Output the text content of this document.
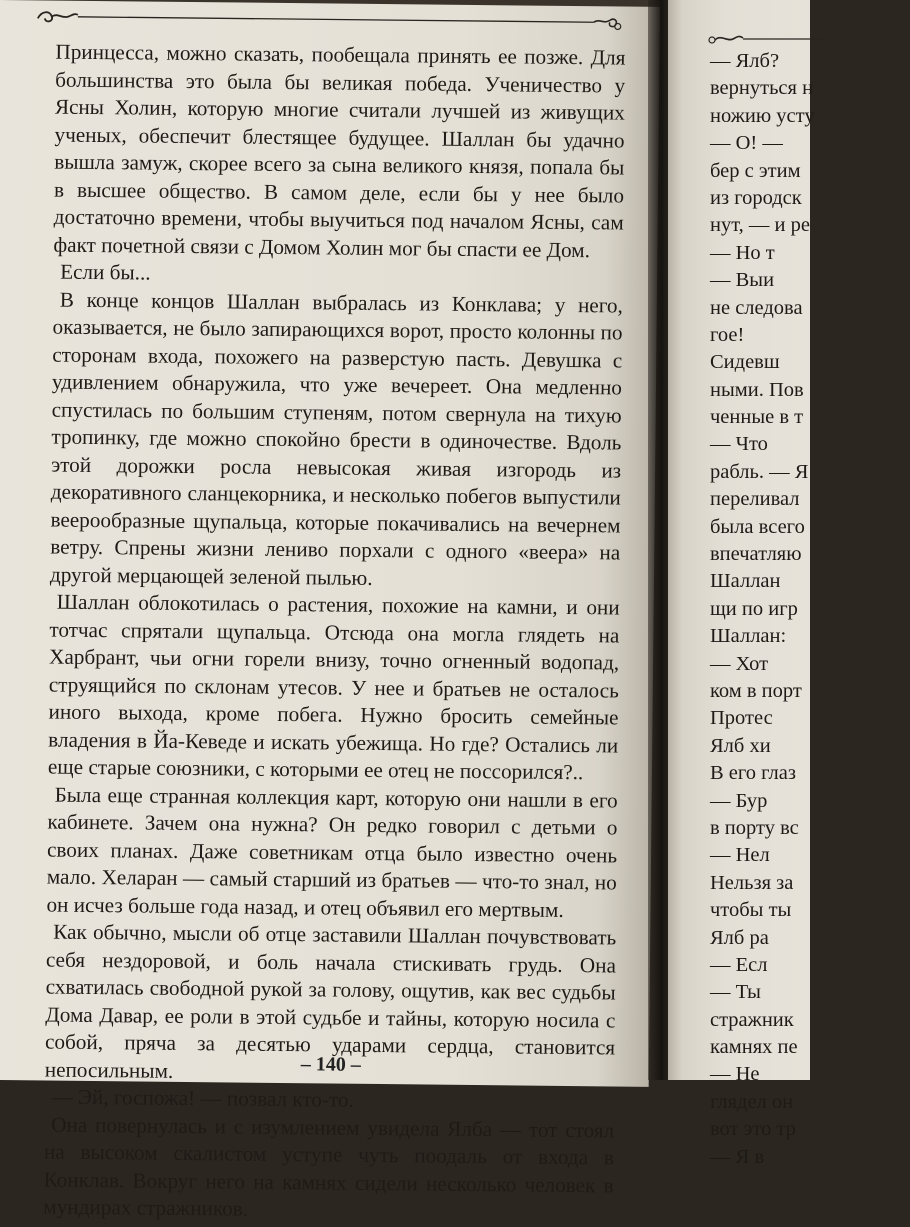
Принцесса, можно сказать, пообещала принять ее позже. Для большинства это была бы великая победа. Ученичество у Ясны Холин, которую многие считали лучшей из живущих ученых, обеспечит блестящее будущее. Шаллан бы удачно вышла замуж, скорее всего за сына великого князя, попала бы в высшее общество. В самом деле, если бы у нее было достаточно времени, чтобы выучиться под началом Ясны, сам факт почетной связи с Домом Холин мог бы спасти ее Дом.

Если бы...

В конце концов Шаллан выбралась из Конклава; у него, оказывается, не было запирающихся ворот, просто колонны по сторонам входа, похожего на разверстую пасть. Девушка с удивлением обнаружила, что уже вечереет. Она медленно спустилась по большим ступеням, потом свернула на тихую тропинку, где можно спокойно брести в одиночестве. Вдоль этой дорожки росла невысокая живая изгородь из декоративного сланцекорника, и несколько побегов выпустили веерообразные щупальца, которые покачивались на вечернем ветру. Спрены жизни лениво порхали с одного «веера» на другой мерцающей зеленой пылью.

Шаллан облокотилась о растения, похожие на камни, и они тотчас спрятали щупальца. Отсюда она могла глядеть на Харбрант, чьи огни горели внизу, точно огненный водопад, струящийся по склонам утесов. У нее и братьев не осталось иного выхода, кроме побега. Нужно бросить семейные владения в Йа-Кеведе и искать убежища. Но где? Остались ли еще старые союзники, с которыми ее отец не поссорился?..

Была еще странная коллекция карт, которую они нашли в его кабинете. Зачем она нужна? Он редко говорил с детьми о своих планах. Даже советникам отца было известно очень мало. Хеларан — самый старший из братьев — что-то знал, но он исчез больше года назад, и отец объявил его мертвым.

Как обычно, мысли об отце заставили Шаллан почувствовать себя нездоровой, и боль начала стискивать грудь. Она схватилась свободной рукой за голову, ощутив, как вес судьбы Дома Давар, ее роли в этой судьбе и тайны, которую носила с собой, пряча за десятью ударами сердца, становится непосильным.

— Эй, госпожа! — позвал кто-то.

Она повернулась и с изумлением увидела Ялба — тот стоял на высоком скалистом уступе чуть поодаль от входа в Конклав. Вокруг него на камнях сидели несколько человек в мундирах стражников.

– 140 –
— Ялб?
вернуться н
ножию усту
— О! —
бер с этим
из городск
нут, — и ре
— Но т
— Выи
не следова
гое!
Сидевш
ными. Пов
ченные в т
— Что
рабль. — Я
переливал
была всего
впечатляю
Шаллан
щи по игр
Шаллан:
— Хот
ком в порт
Протес
Ялб хи
В его глаз
— Бур
в порту вс
— Нел
Нельзя за
чтобы ты
Ялб ра
— Есл
— Ты
стражник
камнях пе
— Не
глядел он
вот это тр
— Я в
